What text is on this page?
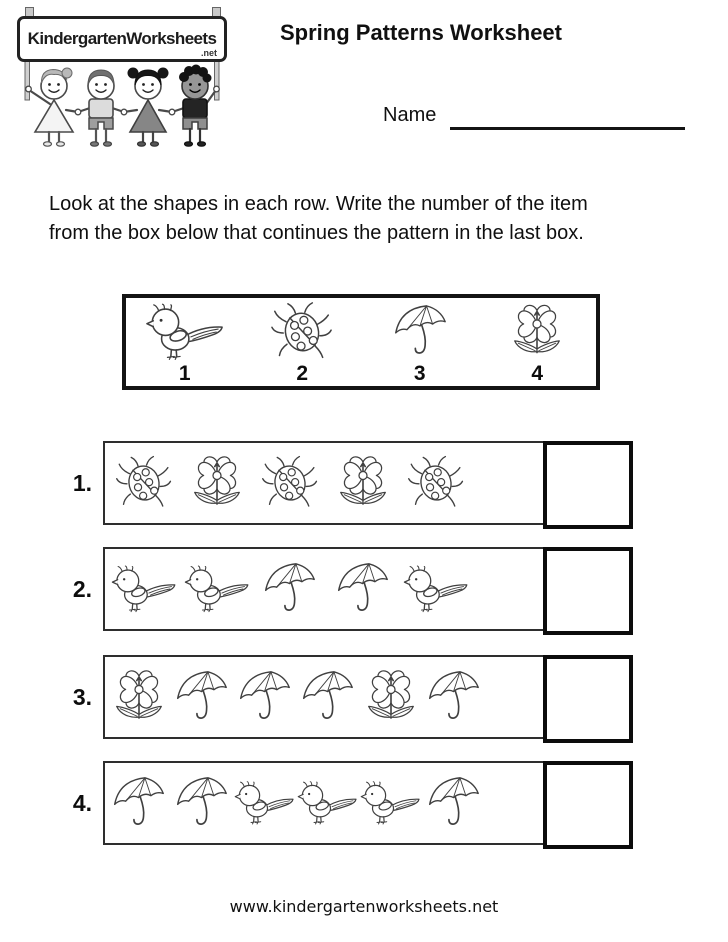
KindergartenWorksheets
.net
Spring Patterns Worksheet
Name

Look at the shapes in each row. Write the number of the item
from the box below that continues the pattern in the last box.

1	2	3	4
1.
2.
3.
4.
www.kindergartenworksheets.net
